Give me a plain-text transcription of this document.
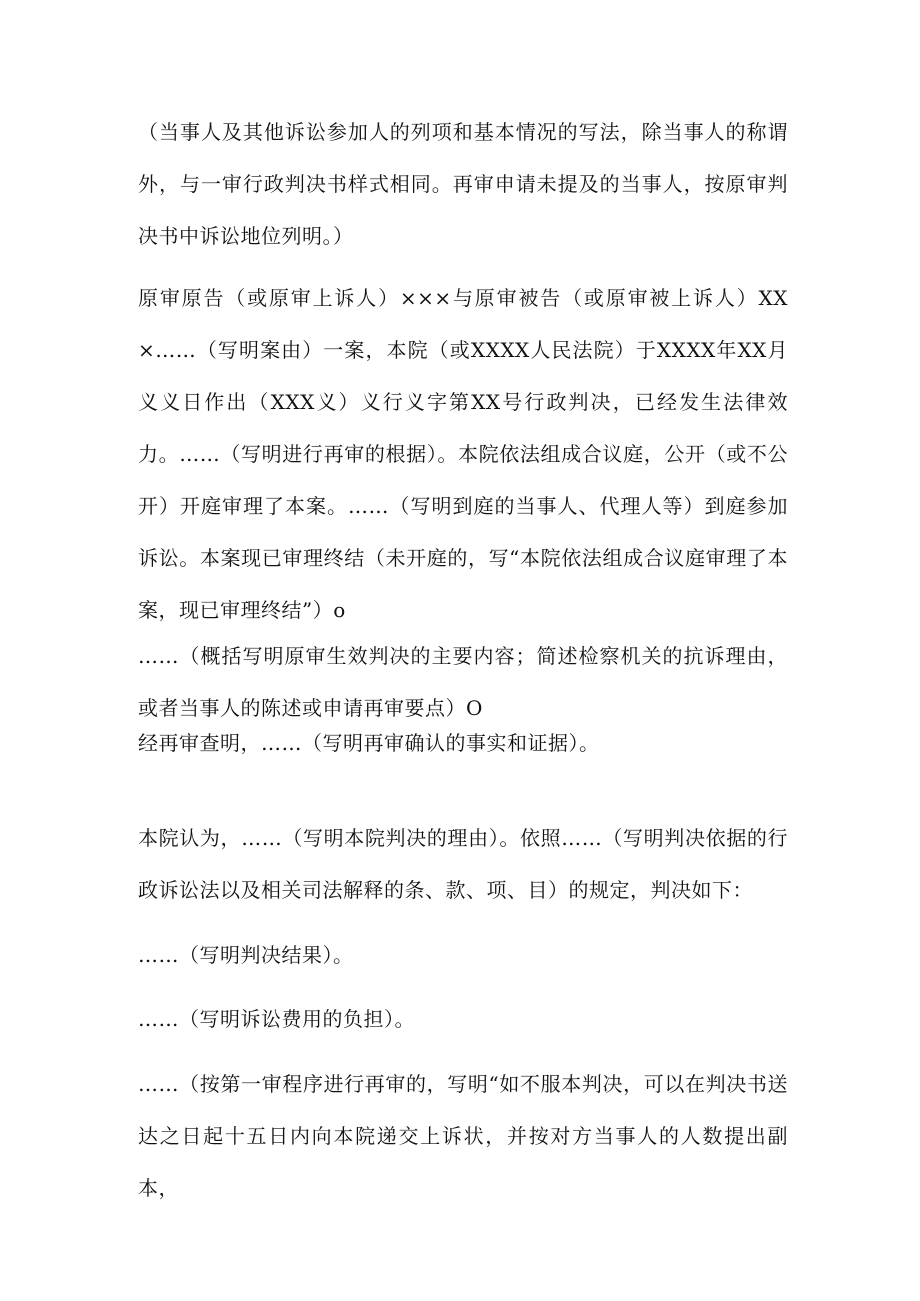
（当事人及其他诉讼参加人的列项和基本情况的写法，除当事人的称谓外，与一审行政判决书样式相同。再审申请未提及的当事人，按原审判决书中诉讼地位列明。）

原审原告（或原审上诉人）×××与原审被告（或原审被上诉人）XX×……（写明案由）一案，本院（或XXXX人民法院）于XXXX年XX月义义日作出（XXX义）义行义字第XX号行政判决，已经发生法律效力。……（写明进行再审的根据）。本院依法组成合议庭，公开（或不公开）开庭审理了本案。……（写明到庭的当事人、代理人等）到庭参加诉讼。本案现已审理终结（未开庭的，写“本院依法组成合议庭审理了本案，现已审理终结”）o

……（概括写明原审生效判决的主要内容；简述检察机关的抗诉理由，或者当事人的陈述或申请再审要点）O

经再审查明，……（写明再审确认的事实和证据）。

本院认为，……（写明本院判决的理由）。依照……（写明判决依据的行政诉讼法以及相关司法解释的条、款、项、目）的规定，判决如下：

……（写明判决结果）。

……（写明诉讼费用的负担）。

……（按第一审程序进行再审的，写明“如不服本判决，可以在判决书送达之日起十五日内向本院递交上诉状，并按对方当事人的人数提出副本，
